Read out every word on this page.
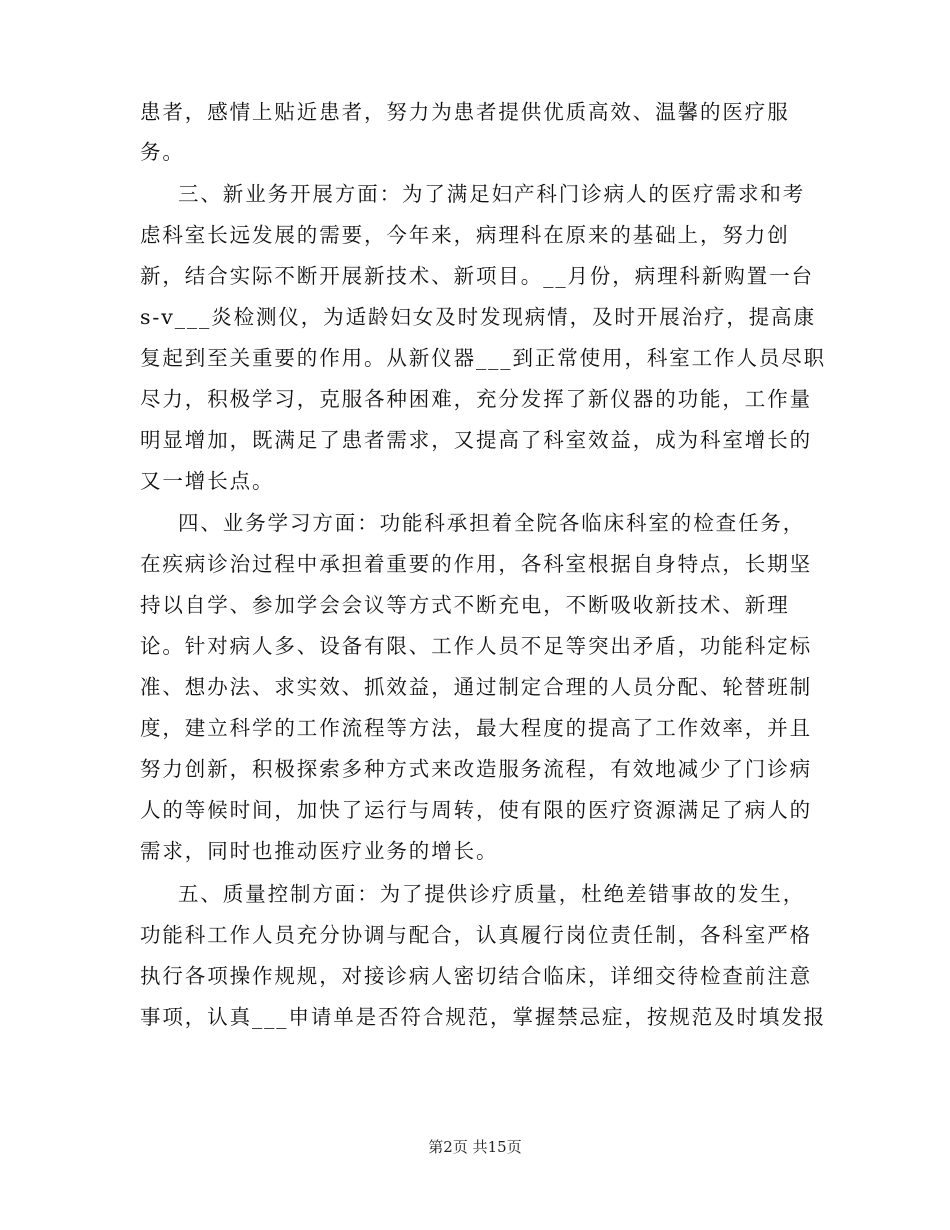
患者，感情上贴近患者，努力为患者提供优质高效、温馨的医疗服
务。
三、新业务开展方面：为了满足妇产科门诊病人的医疗需求和考
虑科室长远发展的需要，今年来，病理科在原来的基础上，努力创
新，结合实际不断开展新技术、新项目。__月份，病理科新购置一台
s-v___炎检测仪，为适龄妇女及时发现病情，及时开展治疗，提高康
复起到至关重要的作用。从新仪器___到正常使用，科室工作人员尽职
尽力，积极学习，克服各种困难，充分发挥了新仪器的功能，工作量
明显增加，既满足了患者需求，又提高了科室效益，成为科室增长的
又一增长点。
四、业务学习方面：功能科承担着全院各临床科室的检查任务，
在疾病诊治过程中承担着重要的作用，各科室根据自身特点，长期坚
持以自学、参加学会会议等方式不断充电，不断吸收新技术、新理
论。针对病人多、设备有限、工作人员不足等突出矛盾，功能科定标
准、想办法、求实效、抓效益，通过制定合理的人员分配、轮替班制
度，建立科学的工作流程等方法，最大程度的提高了工作效率，并且
努力创新，积极探索多种方式来改造服务流程，有效地减少了门诊病
人的等候时间，加快了运行与周转，使有限的医疗资源满足了病人的
需求，同时也推动医疗业务的增长。
五、质量控制方面：为了提供诊疗质量，杜绝差错事故的发生，
功能科工作人员充分协调与配合，认真履行岗位责任制，各科室严格
执行各项操作规规，对接诊病人密切结合临床，详细交待检查前注意
事项，认真___申请单是否符合规范，掌握禁忌症，按规范及时填发报
第2页 共15页
